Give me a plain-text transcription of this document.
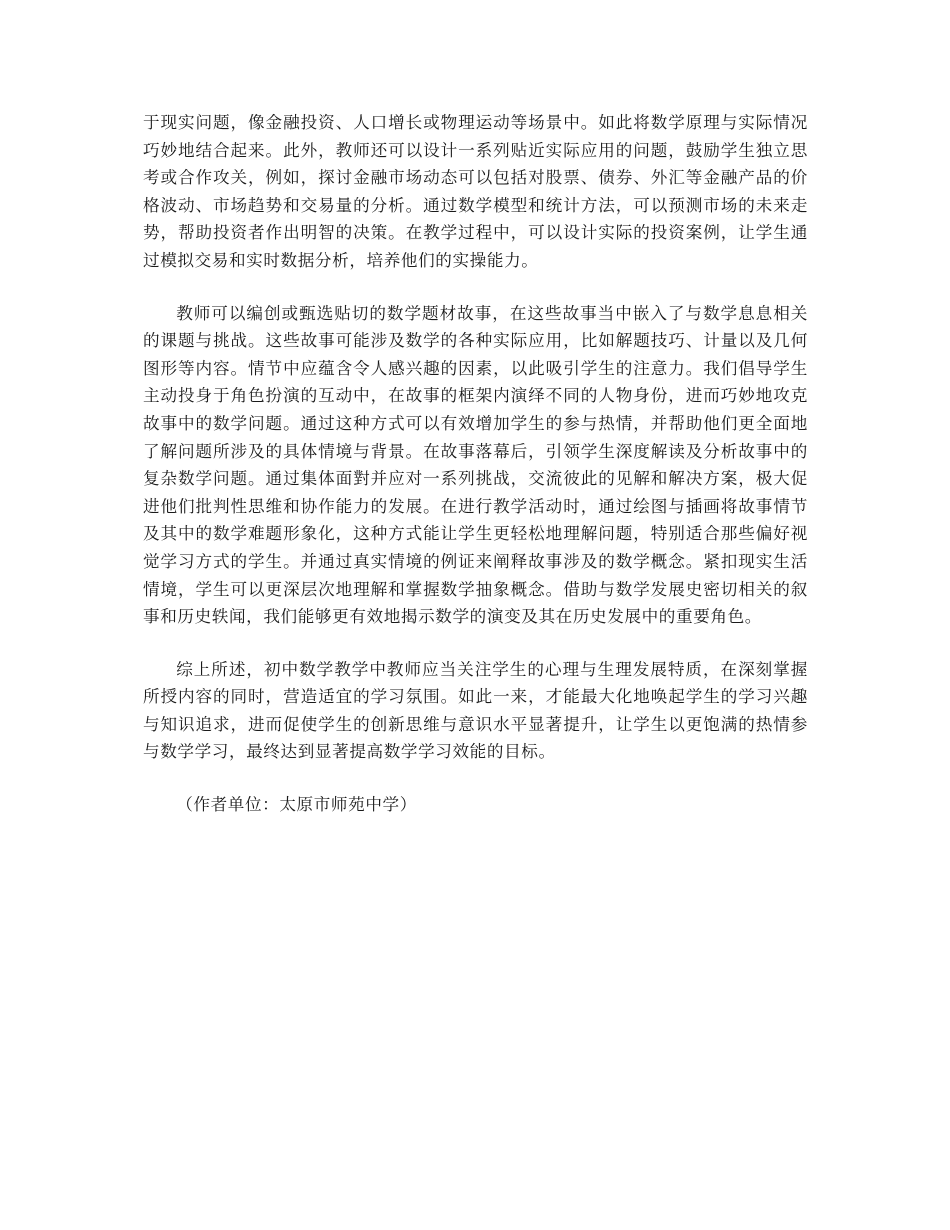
于现实问题，像金融投资、人口增长或物理运动等场景中。如此将数学原理与实际情况巧妙地结合起来。此外，教师还可以设计一系列贴近实际应用的问题，鼓励学生独立思考或合作攻关，例如，探讨金融市场动态可以包括对股票、债券、外汇等金融产品的价格波动、市场趋势和交易量的分析。通过数学模型和统计方法，可以预测市场的未来走势，帮助投资者作出明智的决策。在教学过程中，可以设计实际的投资案例，让学生通过模拟交易和实时数据分析，培养他们的实操能力。

教师可以编创或甄选贴切的数学题材故事，在这些故事当中嵌入了与数学息息相关的课题与挑战。这些故事可能涉及数学的各种实际应用，比如解题技巧、计量以及几何图形等内容。情节中应蕴含令人感兴趣的因素，以此吸引学生的注意力。我们倡导学生主动投身于角色扮演的互动中，在故事的框架内演绎不同的人物身份，进而巧妙地攻克故事中的数学问题。通过这种方式可以有效增加学生的参与热情，并帮助他们更全面地了解问题所涉及的具体情境与背景。在故事落幕后，引领学生深度解读及分析故事中的复杂数学问题。通过集体面對并应对一系列挑战，交流彼此的见解和解决方案，极大促进他们批判性思维和协作能力的发展。在进行教学活动时，通过绘图与插画将故事情节及其中的数学难题形象化，这种方式能让学生更轻松地理解问题，特别适合那些偏好视觉学习方式的学生。并通过真实情境的例证来阐释故事涉及的数学概念。紧扣现实生活情境，学生可以更深层次地理解和掌握数学抽象概念。借助与数学发展史密切相关的叙事和历史轶闻，我们能够更有效地揭示数学的演变及其在历史发展中的重要角色。

综上所述，初中数学教学中教师应当关注学生的心理与生理发展特质，在深刻掌握所授内容的同时，营造适宜的学习氛围。如此一来，才能最大化地唤起学生的学习兴趣与知识追求，进而促使学生的创新思维与意识水平显著提升，让学生以更饱满的热情参与数学学习，最终达到显著提高数学学习效能的目标。

（作者单位：太原市师苑中学）
